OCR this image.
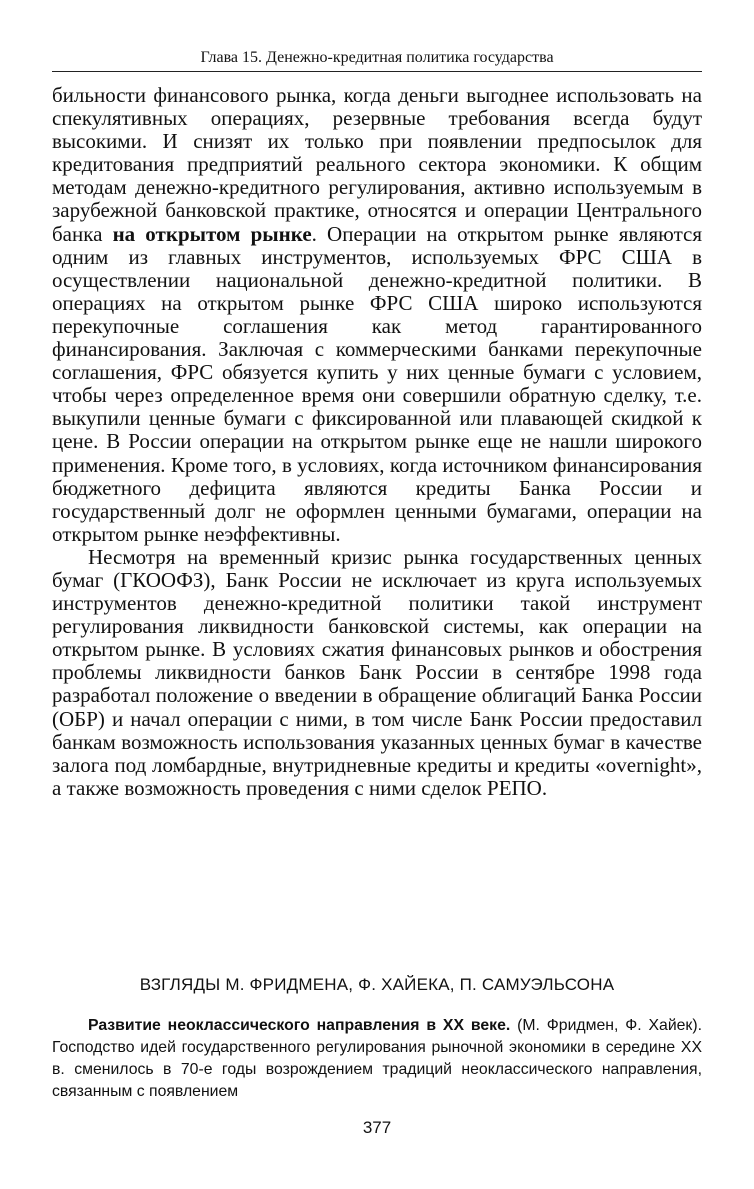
Глава 15. Денежно-кредитная политика государства

бильности финансового рынка, когда деньги выгоднее использовать на спекулятивных операциях, резервные требования всегда будут высокими. И снизят их только при появлении предпосылок для кредитования предприятий реального сектора экономики. К общим методам денежно-кредитного регулирования, активно используемым в зарубежной банковской практике, относятся и операции Центрального банка на открытом рынке. Операции на открытом рынке являются одним из главных инструментов, используемых ФРС США в осуществлении национальной денежно-кредитной политики. В операциях на открытом рынке ФРС США широко используются перекупочные соглашения как метод гарантированного финансирования. Заключая с коммерческими банками перекупочные соглашения, ФРС обязуется купить у них ценные бумаги с условием, чтобы через определенное время они совершили обратную сделку, т.е. выкупили ценные бумаги с фиксированной или плавающей скидкой к цене. В России операции на открытом рынке еще не нашли широкого применения. Кроме того, в условиях, когда источником финансирования бюджетного дефицита являются кредиты Банка России и государственный долг не оформлен ценными бумагами, операции на открытом рынке неэффективны.

Несмотря на временный кризис рынка государственных ценных бумаг (ГКООФЗ), Банк России не исключает из круга используемых инструментов денежно-кредитной политики такой инструмент регулирования ликвидности банковской системы, как операции на открытом рынке. В условиях сжатия финансовых рынков и обострения проблемы ликвидности банков Банк России в сентябре 1998 года разработал положение о введении в обращение облигаций Банка России (ОБР) и начал операции с ними, в том числе Банк России предоставил банкам возможность использования указанных ценных бумаг в качестве залога под ломбардные, внутридневные кредиты и кредиты «overnight», а также возможность проведения с ними сделок РЕПО.

ВЗГЛЯДЫ М. ФРИДМЕНА, Ф. ХАЙЕКА, П. САМУЭЛЬСОНА

Развитие неоклассического направления в XX веке. (М. Фридмен, Ф. Хайек). Господство идей государственного регулирования рыночной экономики в середине XX в. сменилось в 70-е годы возрождением традиций неоклассического направления, связанным с появлением

377
